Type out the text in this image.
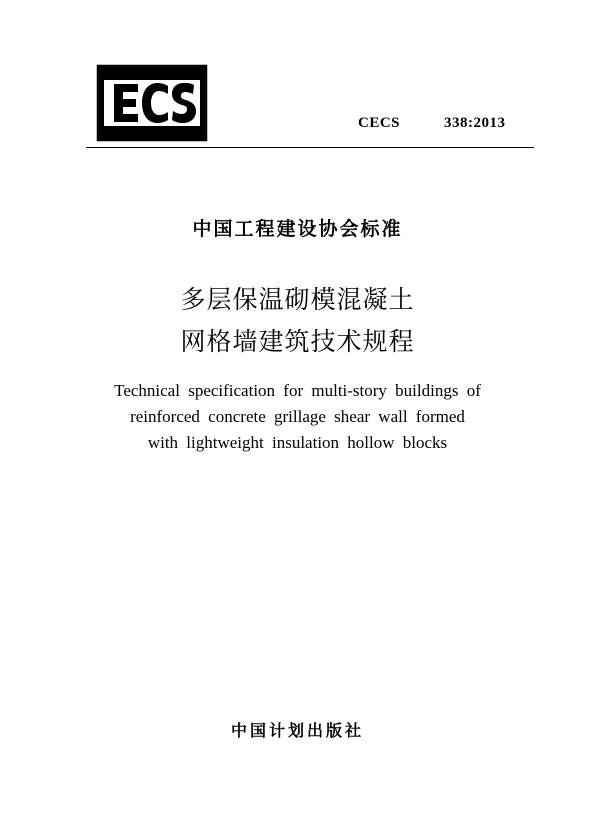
CECS	338:2013
中国工程建设协会标准
多层保温砌模混凝土
网格墙建筑技术规程
Technical specification for multi-story buildings of
reinforced concrete grillage shear wall formed
with lightweight insulation hollow blocks
中国计划出版社
